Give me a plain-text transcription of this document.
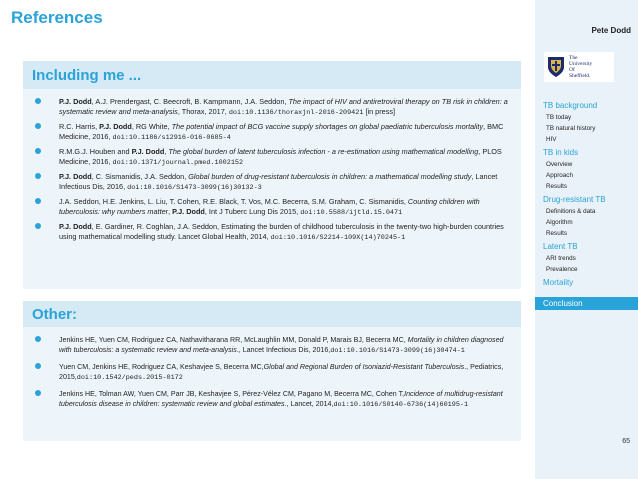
References
Including me ...
P.J. Dodd, A.J. Prendergast, C. Beecroft, B. Kampmann, J.A. Seddon, The impact of HIV and antiretroviral therapy on TB risk in children: a systematic review and meta-analysis, Thorax, 2017, doi:10.1136/thoraxjnl-2016-209421 [in press]
R.C. Harris, P.J. Dodd, RG White, The potential impact of BCG vaccine supply shortages on global paediatric tuberculosis mortality, BMC Medicine, 2016, doi:10.1186/s12916-016-0685-4
R.M.G.J. Houben and P.J. Dodd, The global burden of latent tuberculosis infection - a re-estimation using mathematical modelling, PLOS Medicine, 2016, doi:10.1371/journal.pmed.1002152
P.J. Dodd, C. Sismanidis, J.A. Seddon, Global burden of drug-resistant tuberculosis in children: a mathematical modelling study, Lancet Infectious Dis, 2016, doi:10.1016/S1473-3099(16)30132-3
J.A. Seddon, H.E. Jenkins, L. Liu, T. Cohen, R.E. Black, T. Vos, M.C. Becerra, S.M. Graham, C. Sismanidis, Counting children with tuberculosis: why numbers matter, P.J. Dodd, Int J Tuberc Lung Dis 2015, doi:10.5588/ijtld.15.0471
P.J. Dodd, E. Gardiner, R. Coghlan, J.A. Seddon, Estimating the burden of childhood tuberculosis in the twenty-two high-burden countries using mathematical modelling study. Lancet Global Health, 2014, doi:10.1016/S2214-109X(14)70245-1
Other:
Jenkins HE, Yuen CM, Rodriguez CA, Nathavitharana RR, McLaughlin MM, Donald P, Marais BJ, Becerra MC, Mortality in children diagnosed with tuberculosis: a systematic review and meta-analysis., Lancet Infectious Dis, 2016,doi:10.1016/S1473-3099(16)30474-1
Yuen CM, Jenkins HE, Rodriguez CA, Keshavjee S, Becerra MC,Global and Regional Burden of Isoniazid-Resistant Tuberculosis., Pediatrics, 2015,doi:10.1542/peds.2015-0172
Jenkins HE, Tolman AW, Yuen CM, Parr JB, Keshavjee S, Pérez-Vélez CM, Pagano M, Becerra MC, Cohen T,Incidence of multidrug-resistant tuberculosis disease in children: systematic review and global estimates., Lancet, 2014,doi:10.1016/S0140-6736(14)60195-1
Pete Dodd
The
University
Of
Sheffield.
TB background
TB today
TB natural history
HIV
TB in kids
Overview
Approach
Results
Drug-resistant TB
Definitions & data
Algorithm
Results
Latent TB
ARI trends
Prevalence
Mortality
Conclusion
65
